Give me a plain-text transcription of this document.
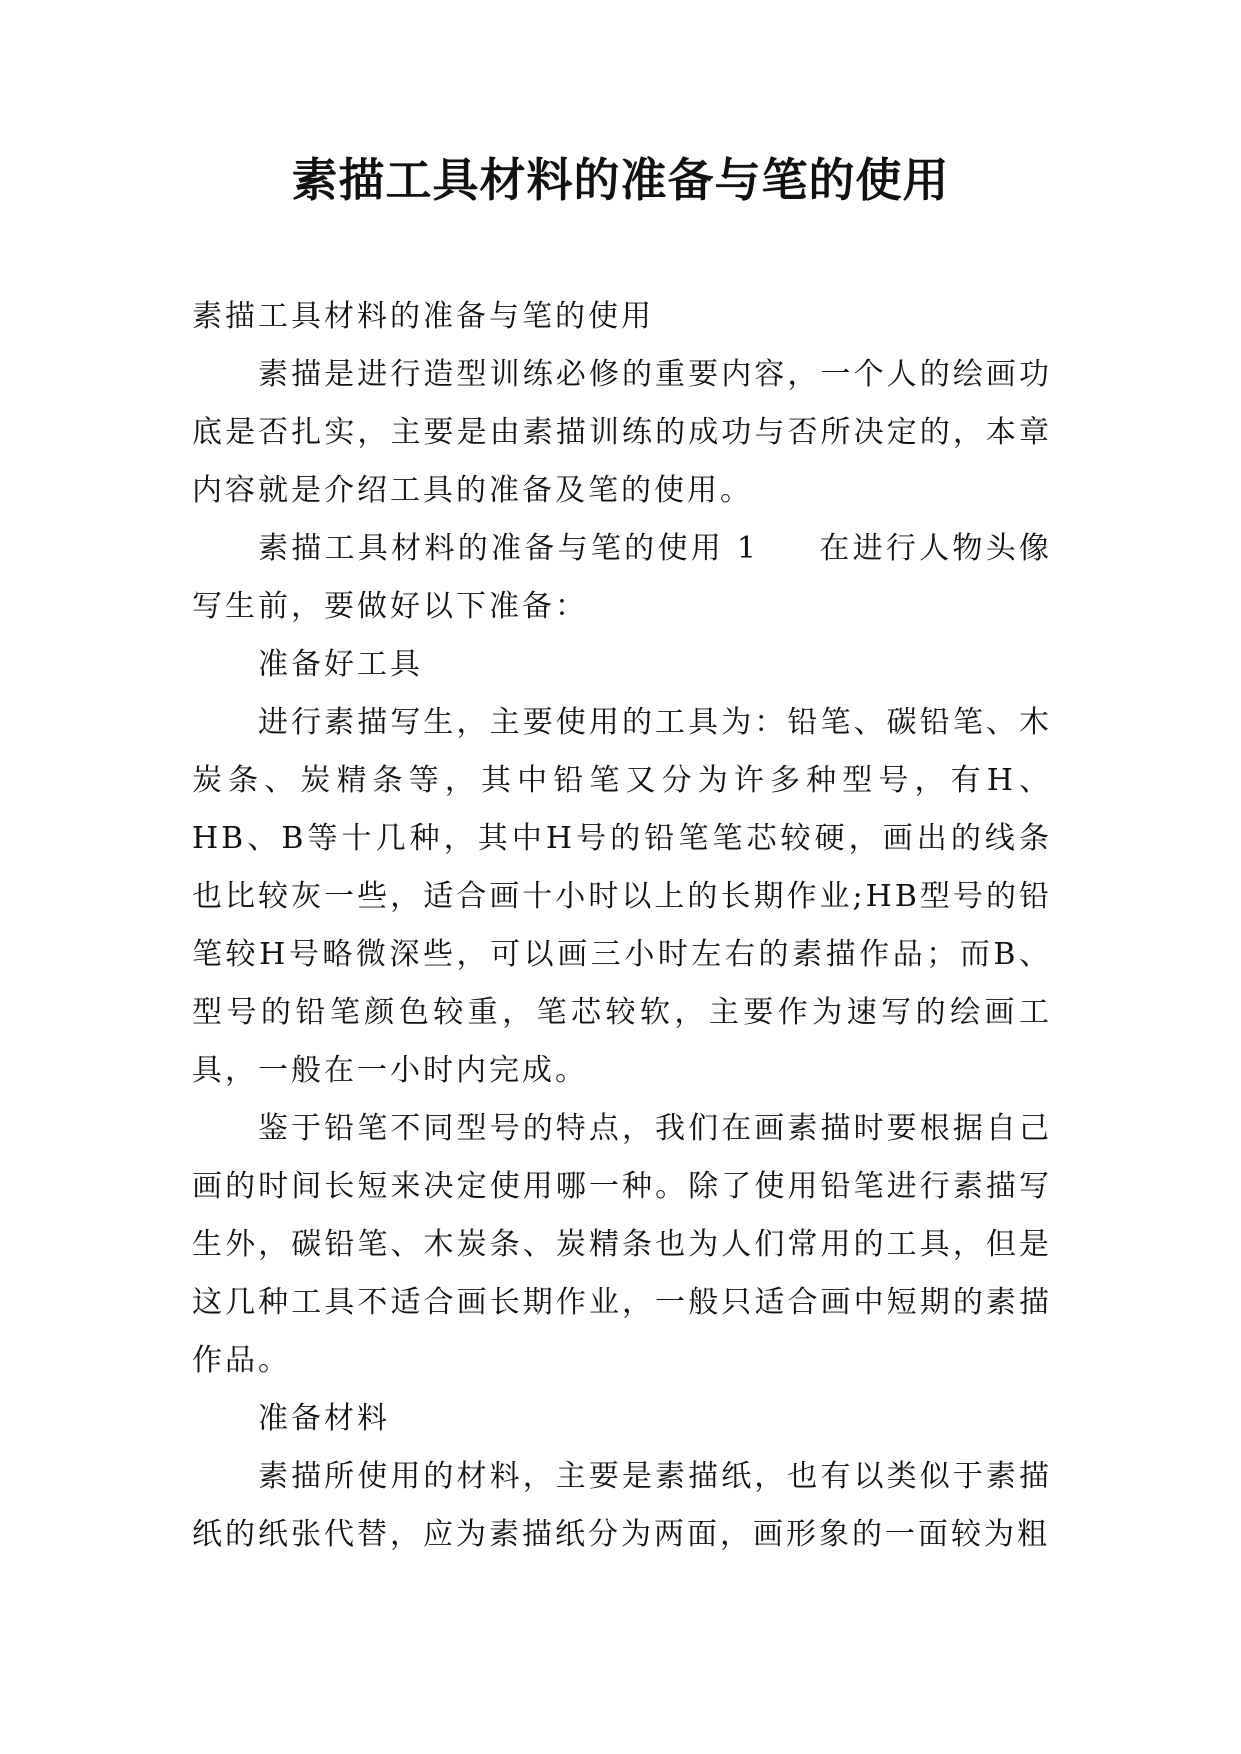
素描工具材料的准备与笔的使用

素描工具材料的准备与笔的使用

素描是进行造型训练必修的重要内容，一个人的绘画功底是否扎实，主要是由素描训练的成功与否所决定的，本章内容就是介绍工具的准备及笔的使用。

素描工具材料的准备与笔的使用 1 在进行人物头像写生前，要做好以下准备：

准备好工具

进行素描写生，主要使用的工具为：铅笔、碳铅笔、木炭条、炭精条等，其中铅笔又分为许多种型号，有H、HB、B等十几种，其中H号的铅笔笔芯较硬，画出的线条也比较灰一些，适合画十小时以上的长期作业;HB型号的铅笔较H号略微深些，可以画三小时左右的素描作品；而B、型号的铅笔颜色较重，笔芯较软，主要作为速写的绘画工具，一般在一小时内完成。

鉴于铅笔不同型号的特点，我们在画素描时要根据自己画的时间长短来决定使用哪一种。除了使用铅笔进行素描写生外，碳铅笔、木炭条、炭精条也为人们常用的工具，但是这几种工具不适合画长期作业，一般只适合画中短期的素描作品。

准备材料

素描所使用的材料，主要是素描纸，也有以类似于素描纸的纸张代替，应为素描纸分为两面，画形象的一面较为粗
